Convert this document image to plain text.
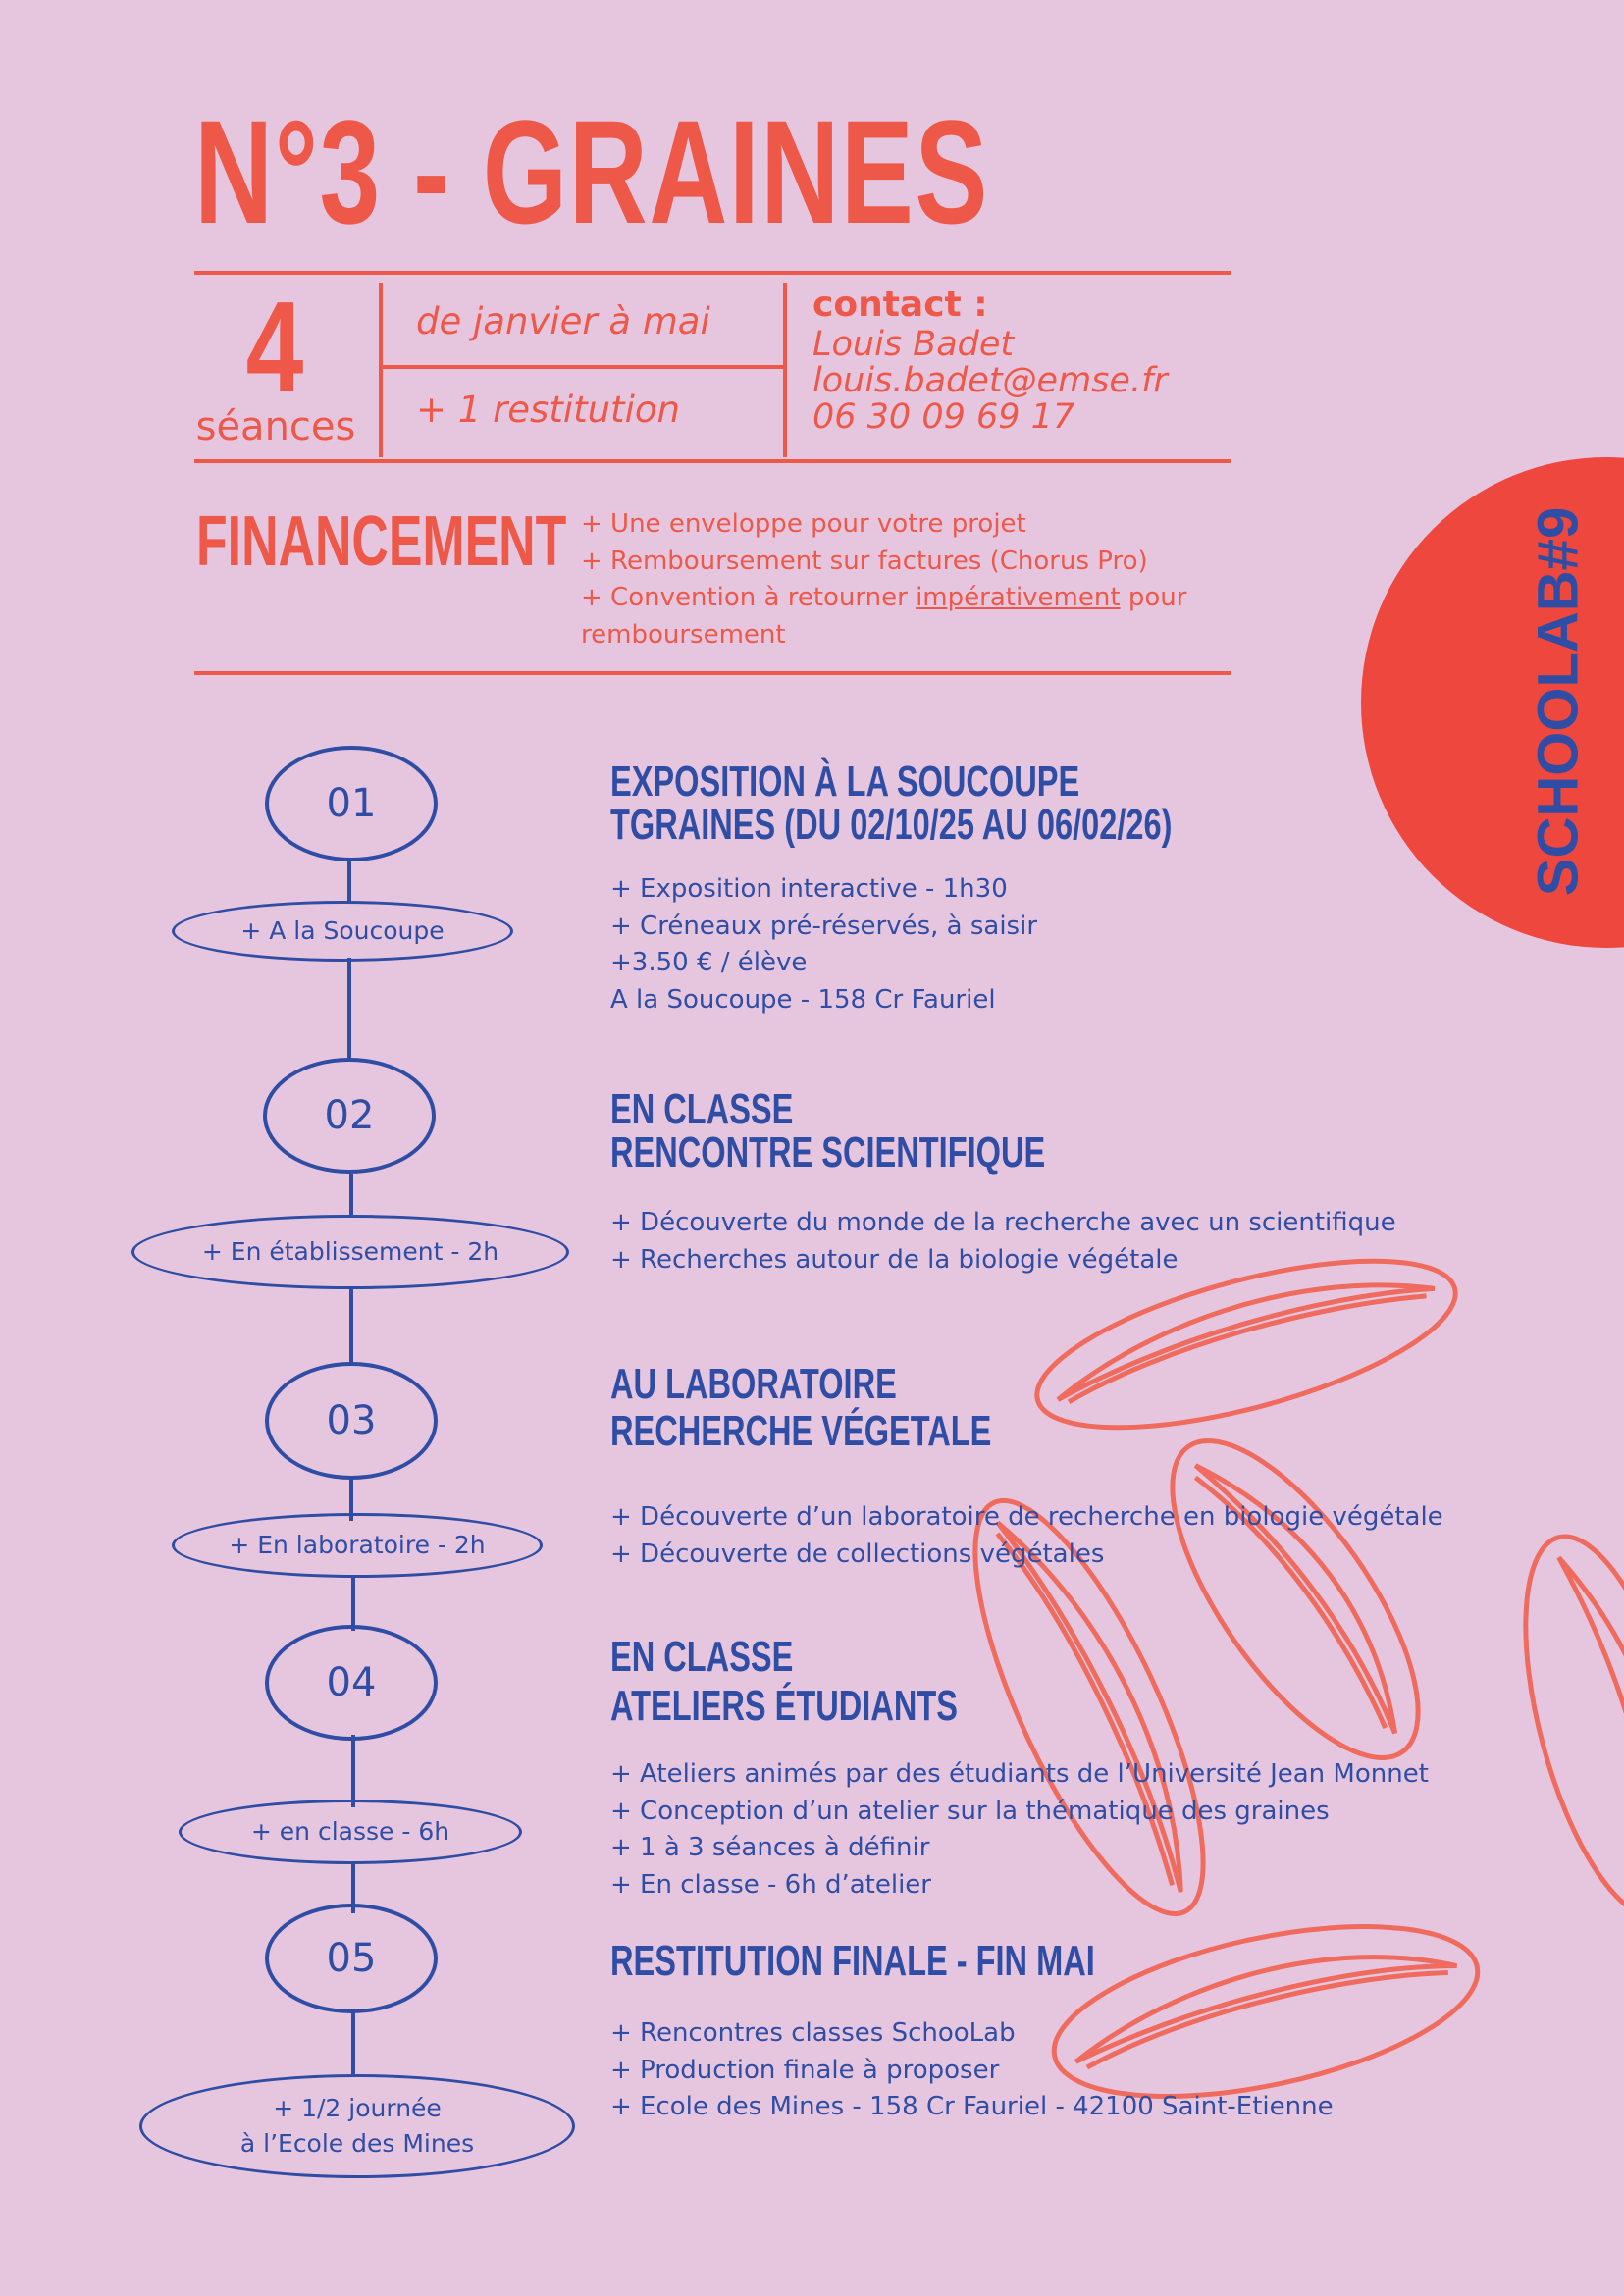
N°3 - GRAINES
4
séances
de janvier à mai
+ 1 restitution
contact :
Louis Badet
louis.badet@emse.fr
06 30 09 69 17
FINANCEMENT + Une enveloppe pour votre projet
+ Remboursement sur factures (Chorus Pro)
+ Convention à retourner impérativement pour
remboursement	SCHOOLAB#9
01
+ A la Soucoupe
EXPOSITION À LA SOUCOUPE
TGRAINES (DU 02/10/25 AU 06/02/26)
+ Exposition interactive - 1h30
+ Créneaux pré-réservés, à saisir
+3.50 € / élève
A la Soucoupe - 158 Cr Fauriel
02
+ En établissement - 2h
EN CLASSE
RENCONTRE SCIENTIFIQUE
+ Découverte du monde de la recherche avec un scientifique
+ Recherches autour de la biologie végétale
03
+ En laboratoire - 2h
AU LABORATOIRE
RECHERCHE VÉGETALE
+ Découverte d’un laboratoire de recherche en biologie végétale
+ Découverte de collections végétales
04
+ en classe - 6h
EN CLASSE
ATELIERS ÉTUDIANTS
+ Ateliers animés par des étudiants de l’Université Jean Monnet
+ Conception d’un atelier sur la thématique des graines
+ 1 à 3 séances à définir
+ En classe - 6h d’atelier
05
+ 1/2 journée
à l’Ecole des Mines
RESTITUTION FINALE - FIN MAI
+ Rencontres classes SchooLab
+ Production finale à proposer
+ Ecole des Mines - 158 Cr Fauriel - 42100 Saint-Etienne
